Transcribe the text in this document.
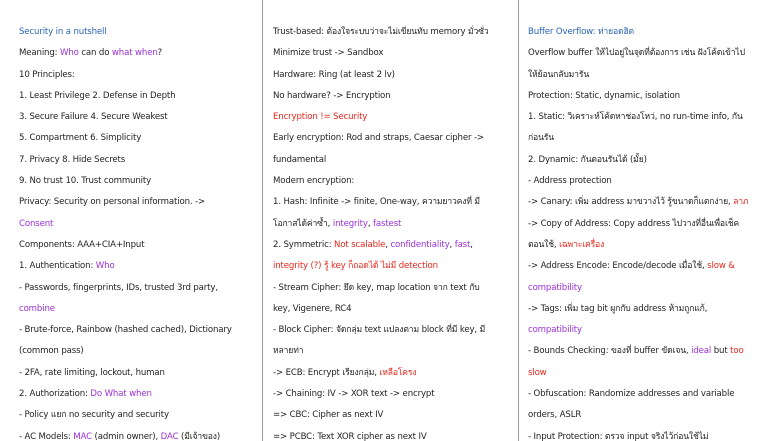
Security in a nutshell
Meaning: Who can do what when?
10 Principles:
1. Least Privilege 2. Defense in Depth
3. Secure Failure 4. Secure Weakest
5. Compartment 6. Simplicity
7. Privacy 8. Hide Secrets
9. No trust 10. Trust community
Privacy: Security on personal information. ->
Consent
Components: AAA+CIA+Input
1. Authentication: Who
- Passwords, fingerprints, IDs, trusted 3rd party,
combine
- Brute-force, Rainbow (hashed cached), Dictionary
(common pass)
- 2FA, rate limiting, lockout, human
2. Authorization: Do What when
- Policy แยก no security and security
- AC Models: MAC (admin owner), DAC (มีเจ้าของ)
Trust-based: ต้องใจระบบว่าจะไม่เขียนทับ memory มั่วซั่ว
Minimize trust -> Sandbox
Hardware: Ring (at least 2 lv)
No hardware? -> Encryption
Encryption != Security
Early encryption: Rod and straps, Caesar cipher ->
fundamental
Modern encryption:
1. Hash: Infinite -> finite, One-way, ความยาวคงที่ มี
โอกาสได้ค่าซ้ำ, integrity, fastest
2. Symmetric: Not scalable, confidentiality, fast,
integrity (?) รู้ key ก็ถอดได้ ไม่มี detection
- Stream Cipher: ยึด key, map location จาก text กับ
key, Vigenere, RC4
- Block Cipher: จัดกลุ่ม text แปลงตาม block ที่มี key, มี
หลายท่า
-> ECB: Encrypt เรียงกลุ่ม, เหลือโครง
-> Chaining: IV -> XOR text -> encrypt
=> CBC: Cipher as next IV
=> PCBC: Text XOR cipher as next IV
Buffer Overflow: ท่ายอดฮิต
Overflow buffer ให้ไปอยู่ในจุดที่ต้องการ เช่น ฝังโค้ดเข้าไป
ให้ย้อนกลับมารัน
Protection: Static, dynamic, isolation
1. Static: วิเคราะห์โค้ดหาช่องโหว่, no run-time info, กัน
ก่อนรัน
2. Dynamic: กันตอนรันได้ (มั้ย)
- Address protection
-> Canary: เพิ่ม address มาขวางไว้ รู้ขนาดก็แตกง่าย, ลาภ
-> Copy of Address: Copy address ไปวางที่อื่นเพื่อเช็ค
ตอนใช้, เฉพาะเครื่อง
-> Address Encode: Encode/decode เมื่อใช้, slow &
compatibility
-> Tags: เพิ่ม tag bit ผูกกับ address ห้ามถูกแก้,
compatibility
- Bounds Checking: ของที่ buffer ขัดเจน, ideal but too
slow
- Obfuscation: Randomize addresses and variable
orders, ASLR
- Input Protection: ตรวจ input จริงไว้ก่อนใช้ไม่
